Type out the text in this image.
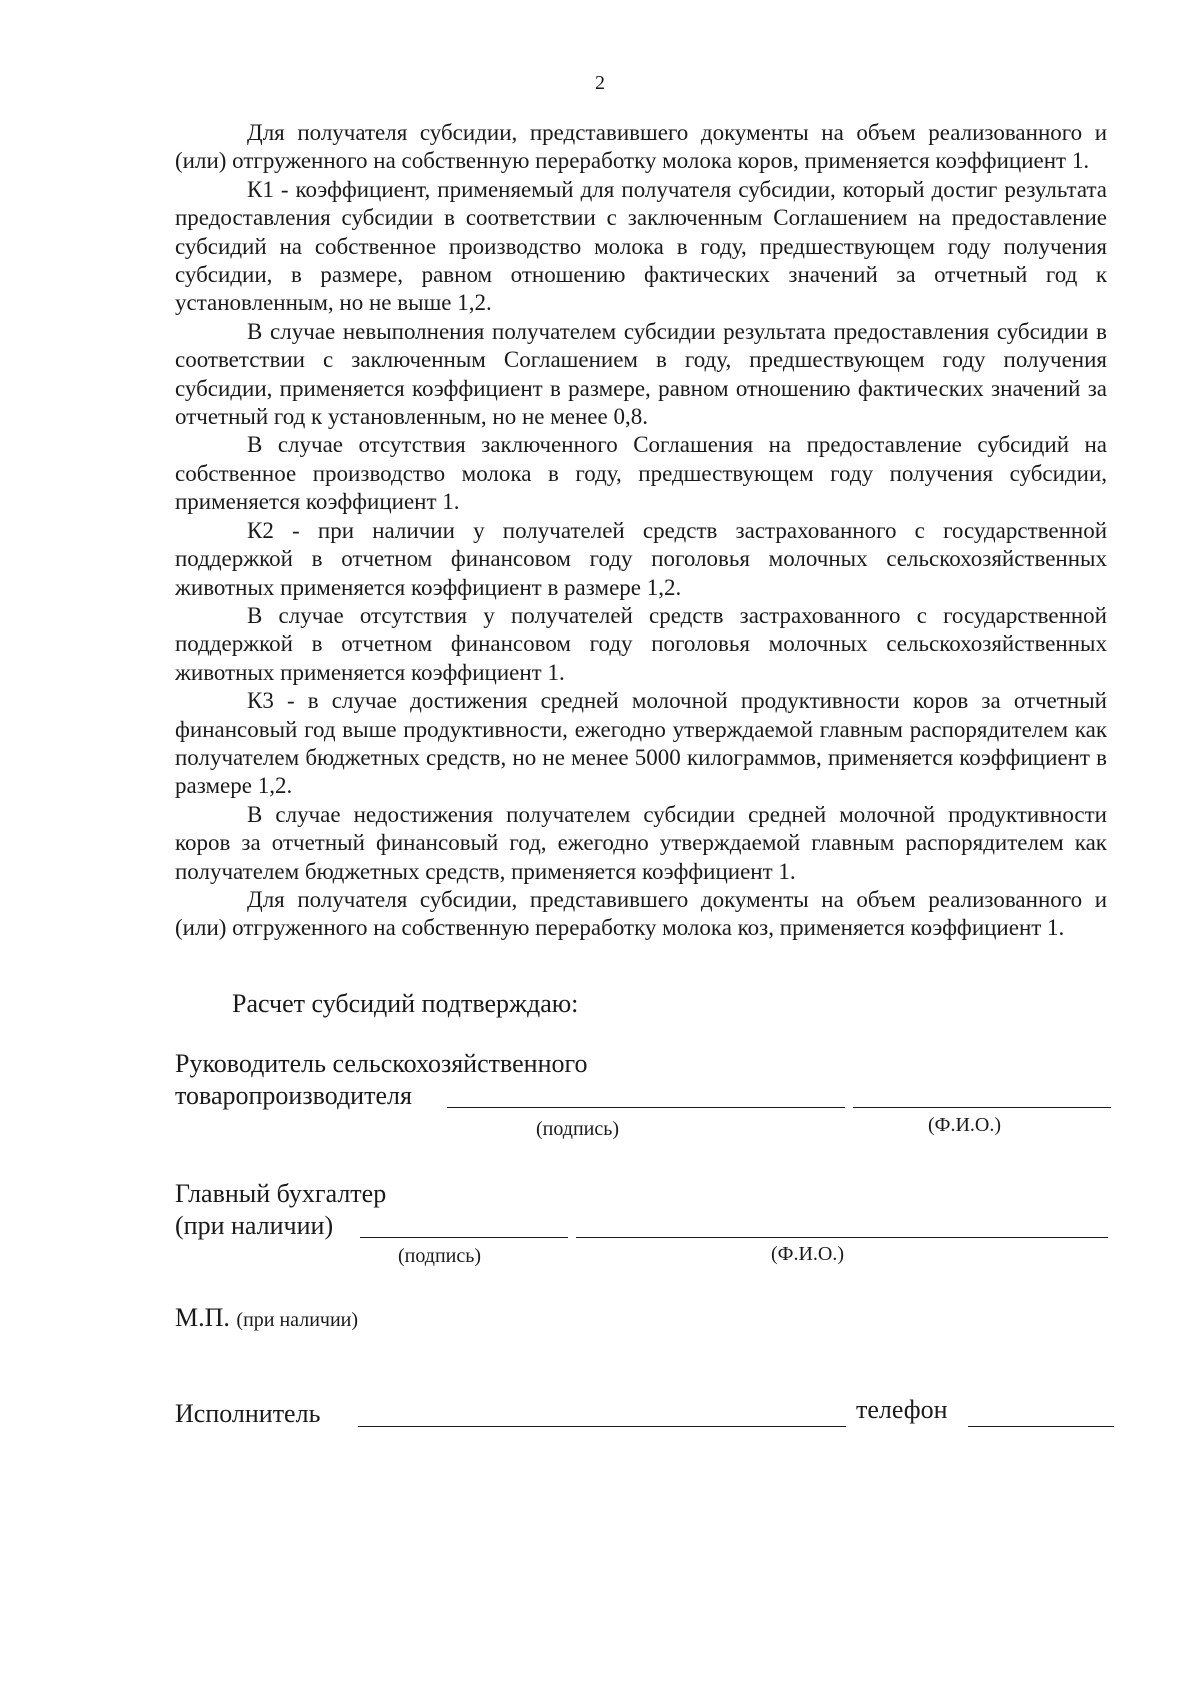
2

Для получателя субсидии, представившего документы на объем реализованного и (или) отгруженного на собственную переработку молока коров, применяется коэффициент 1.

К1 - коэффициент, применяемый для получателя субсидии, который достиг результата предоставления субсидии в соответствии с заключенным Соглашением на предоставление субсидий на собственное производство молока в году, предшествующем году получения субсидии, в размере, равном отношению фактических значений за отчетный год к установленным, но не выше 1,2.

В случае невыполнения получателем субсидии результата предоставления субсидии в соответствии с заключенным Соглашением в году, предшествующем году получения субсидии, применяется коэффициент в размере, равном отношению фактических значений за отчетный год к установленным, но не менее 0,8.

В случае отсутствия заключенного Соглашения на предоставление субсидий на собственное производство молока в году, предшествующем году получения субсидии, применяется коэффициент 1.

К2 - при наличии у получателей средств застрахованного с государственной поддержкой в отчетном финансовом году поголовья молочных сельскохозяйственных животных применяется коэффициент в размере 1,2.

В случае отсутствия у получателей средств застрахованного с государственной поддержкой в отчетном финансовом году поголовья молочных сельскохозяйственных животных применяется коэффициент 1.

К3 - в случае достижения средней молочной продуктивности коров за отчетный финансовый год выше продуктивности, ежегодно утверждаемой главным распорядителем как получателем бюджетных средств, но не менее 5000 килограммов, применяется коэффициент в размере 1,2.

В случае недостижения получателем субсидии средней молочной продуктивности коров за отчетный финансовый год, ежегодно утверждаемой главным распорядителем как получателем бюджетных средств, применяется коэффициент 1.

Для получателя субсидии, представившего документы на объем реализованного и (или) отгруженного на собственную переработку молока коз, применяется коэффициент 1.

Расчет субсидий подтверждаю:

Руководитель сельскохозяйственного
товаропроизводителя
(подпись)	(Ф.И.О.)
Главный бухгалтер
(при наличии)
(подпись)	(Ф.И.О.)
М.П. (при наличии)
Исполнитель	телефон
